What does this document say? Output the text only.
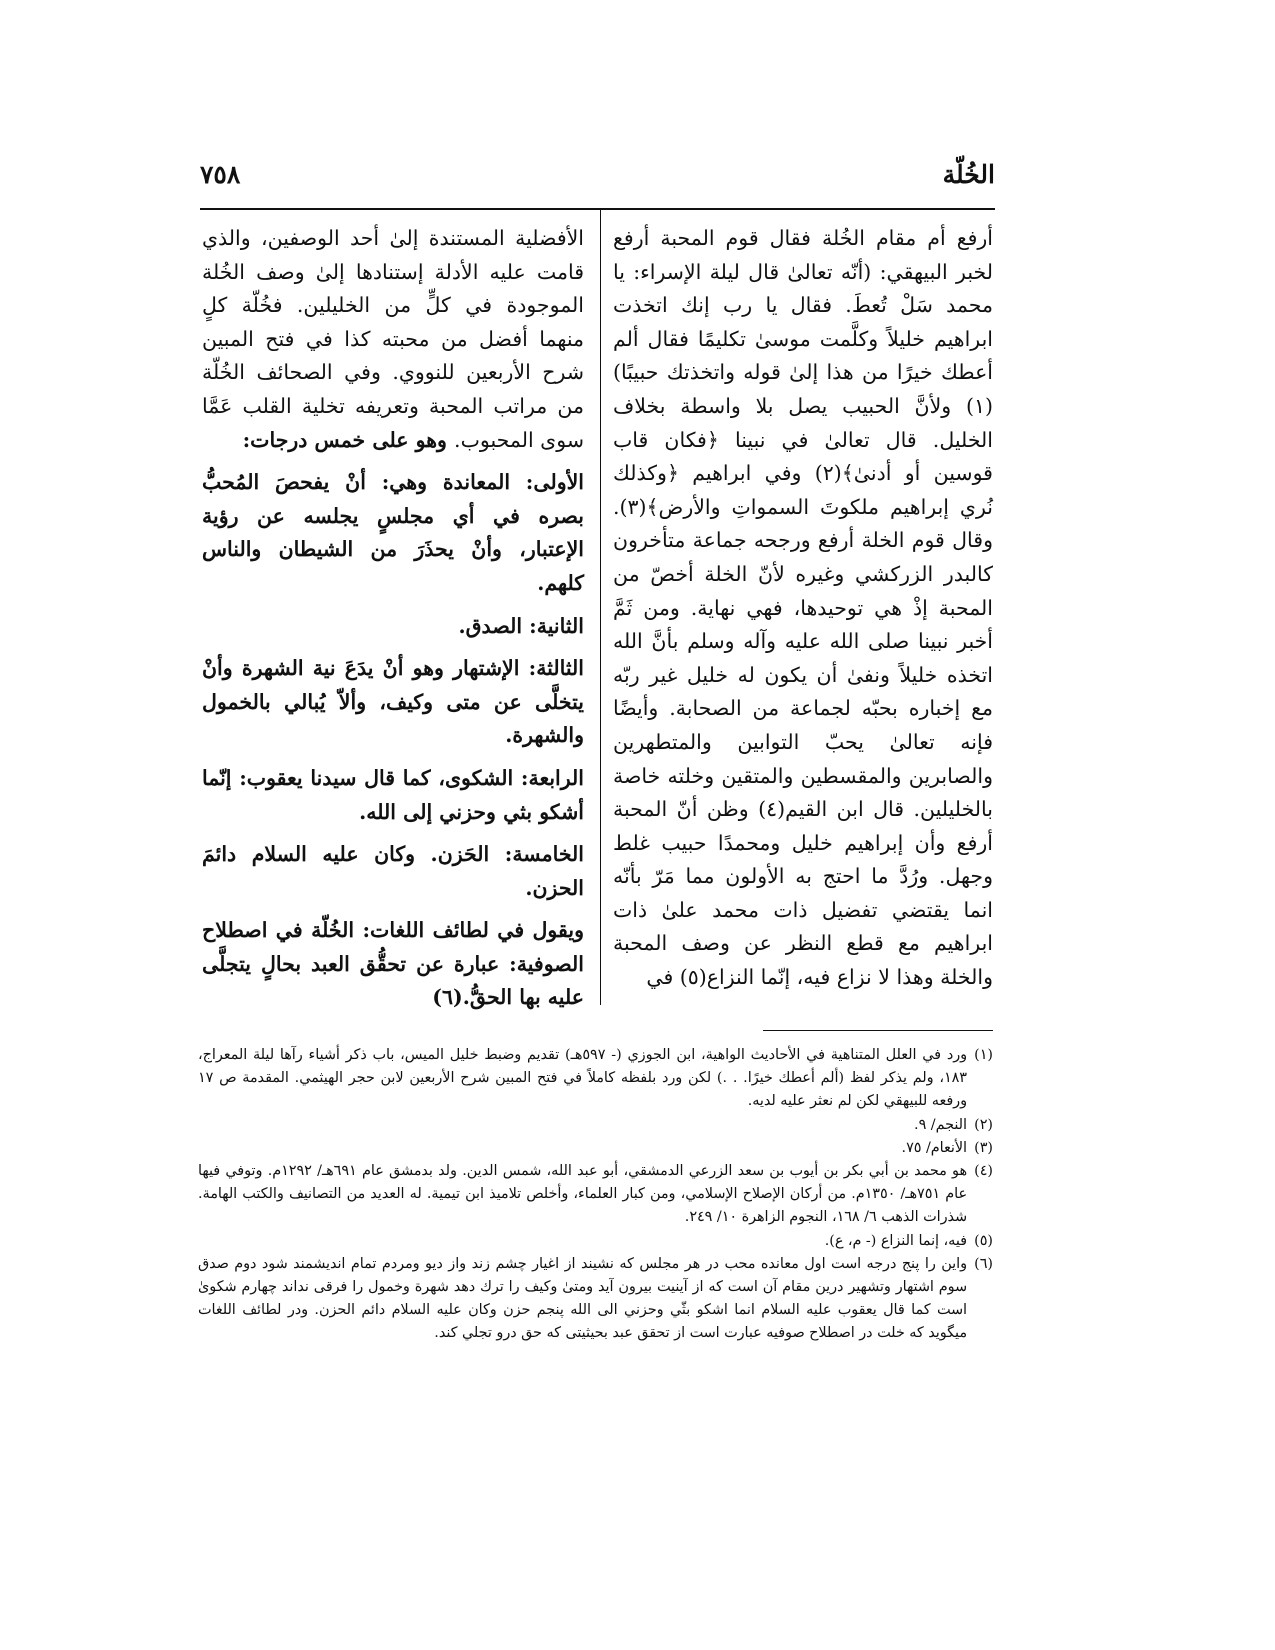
الخُلّة
٧٥٨

أرفع أم مقام الخُلة فقال قوم المحبة أرفع لخبر البيهقي: (أنّه تعالىٰ قال ليلة الإسراء: يا محمد سَلْ تُعطَ. فقال يا رب إنك اتخذت ابراهيم خليلاً وكلَّمت موسىٰ تكليمًا فقال ألم أعطك خيرًا من هذا إلىٰ قوله واتخذتك حبيبًا)(١) ولأنَّ الحبيب يصل بلا واسطة بخلاف الخليل. قال تعالىٰ في نبينا ﴿فكان قاب قوسين أو أدنىٰ﴾(٢) وفي ابراهيم ﴿وكذلك نُري إبراهيم ملكوتَ السمواتِ والأرض﴾(٣). وقال قوم الخلة أرفع ورجحه جماعة متأخرون كالبدر الزركشي وغيره لأنّ الخلة أخصّ من المحبة إذْ هي توحيدها، فهي نهاية. ومن ثَمَّ أخبر نبينا صلى الله عليه وآله وسلم بأنَّ الله اتخذه خليلاً ونفىٰ أن يكون له خليل غير ربّه مع إخباره بحبّه لجماعة من الصحابة. وأيضًا فإنه تعالىٰ يحبّ التوابين والمتطهرين والصابرين والمقسطين والمتقين وخلته خاصة بالخليلين. قال ابن القيم(٤) وظن أنّ المحبة أرفع وأن إبراهيم خليل ومحمدًا حبيب غلط وجهل. ورُدَّ ما احتج به الأولون مما مَرّ بأنّه انما يقتضي تفضيل ذات محمد علىٰ ذات ابراهيم مع قطع النظر عن وصف المحبة والخلة وهذا لا نزاع فيه، إنّما النزاع(٥) في

الأفضلية المستندة إلىٰ أحد الوصفين، والذي قامت عليه الأدلة إستنادها إلىٰ وصف الخُلة الموجودة في كلٍّ من الخليلين. فخُلّة كلٍ منهما أفضل من محبته كذا في فتح المبين شرح الأربعين للنووي. وفي الصحائف الخُلّة من مراتب المحبة وتعريفه تخلية القلب عَمَّا سوى المحبوب. وهو على خمس درجات:

الأولى: المعاندة وهي: أنْ يفحصَ المُحبُّ بصره في أي مجلسٍ يجلسه عن رؤية الإعتبار، وأنْ يحذَرَ من الشيطان والناس كلهم.

الثانية: الصدق.

الثالثة: الإشتهار وهو أنْ يدَعَ نية الشهرة وأنْ يتخلَّى عن متى وكيف، وألاّ يُبالي بالخمول والشهرة.

الرابعة: الشكوى، كما قال سيدنا يعقوب: إنّما أشكو بثي وحزني إلى الله.

الخامسة: الحَزن. وكان عليه السلام دائمَ الحزن.

ويقول في لطائف اللغات: الخُلّة في اصطلاح الصوفية: عبارة عن تحقُّق العبد بحالٍ يتجلَّى عليه بها الحقُّ.(٦)

(١)
ورد في العلل المتناهية في الأحاديث الواهية، ابن الجوزي (- ٥٩٧هـ) تقديم وضبط خليل الميس، باب ذكر أشياء رآها ليلة المعراج، ١٨٣، ولم يذكر لفظ (ألم أعطك خيرًا. . .) لكن ورد بلفظه كاملاً في فتح المبين شرح الأربعين لابن حجر الهيثمي. المقدمة ص ١٧ ورفعه للبيهقي لكن لم نعثر عليه لديه.

(٢)
النجم/ ٩.

(٣)
الأنعام/ ٧٥.

(٤)
هو محمد بن أبي بكر بن أيوب بن سعد الزرعي الدمشقي، أبو عبد الله، شمس الدين. ولد بدمشق عام ٦٩١هـ/ ١٢٩٢م. وتوفي فيها عام ٧٥١هـ/ ١٣٥٠م. من أركان الإصلاح الإسلامي، ومن كبار العلماء، وأخلص تلاميذ ابن تيمية. له العديد من التصانيف والكتب الهامة. شذرات الذهب ٦/ ١٦٨، النجوم الزاهرة ١٠/ ٢٤٩.

(٥)
فيه، إنما النزاع (- م، ع).

(٦)
واين را پنج درجه است اول معانده محب در هر مجلس كه نشيند از اغيار چشم زند واز ديو ومردم تمام انديشمند شود دوم صدق سوم اشتهار وتشهير درين مقام آن است كه از آينيت بيرون آيد ومتىٰ وكيف را ترك دهد شهرة وخمول را فرقى نداند چهارم شكوىٰ است كما قال يعقوب عليه السلام انما اشكو بثّي وحزني الى الله پنجم حزن وكان عليه السلام دائم الحزن. ودر لطائف اللغات ميگويد كه خلت در اصطلاح صوفيه عبارت است از تحقق عبد بحيثيتى كه حق درو تجلي كند.
